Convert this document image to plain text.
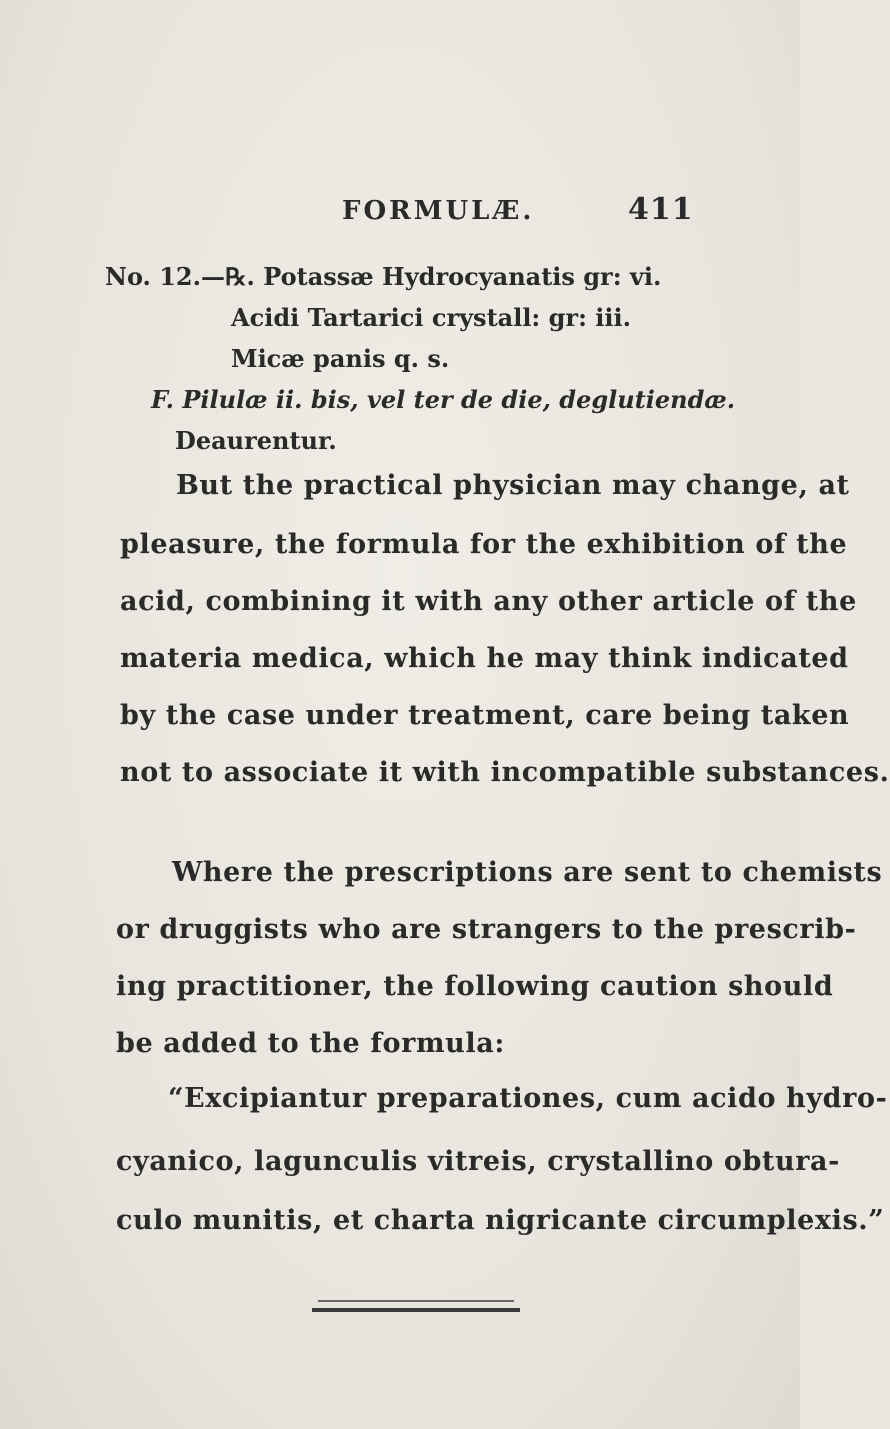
FORMULÆ.	411
No. 12.—℞. Potassæ Hydrocyanatis gr: vi.
Acidi Tartarici crystall: gr: iii.
Micæ panis q. s.
F. Pilulæ ii. bis, vel ter de die, deglutiendæ.
Deaurentur.
But the practical physician may change, at
pleasure, the formula for the exhibition of the
acid, combining it with any other article of the
materia medica, which he may think indicated
by the case under treatment, care being taken
not to associate it with incompatible substances.
Where the prescriptions are sent to chemists
or druggists who are strangers to the prescrib-
ing practitioner, the following caution should
be added to the formula:
“Excipiantur preparationes, cum acido hydro-
cyanico, lagunculis vitreis, crystallino obtura-
culo munitis, et charta nigricante circumplexis.”
